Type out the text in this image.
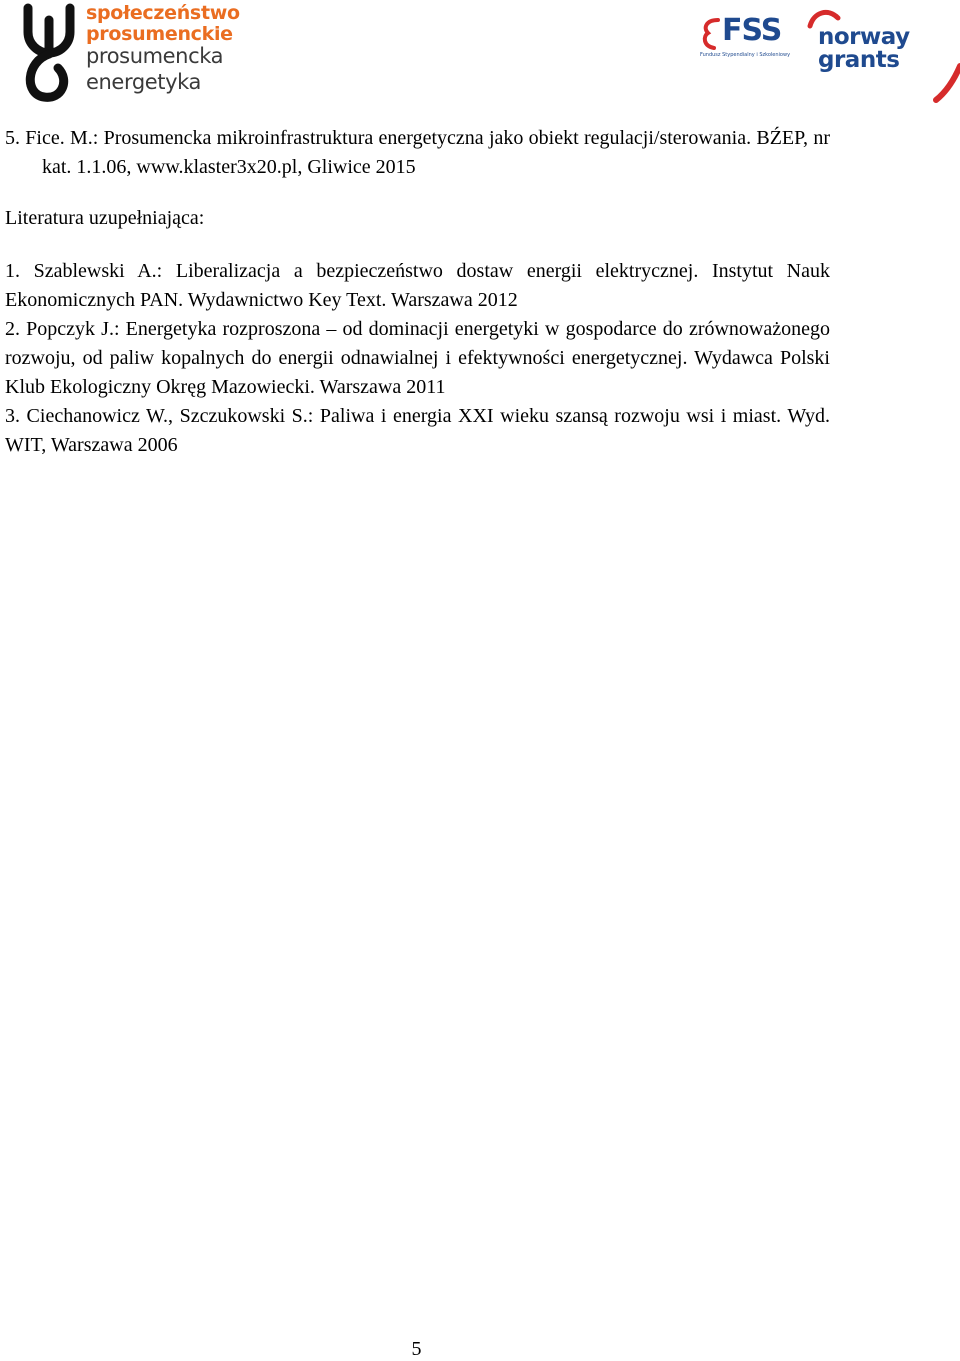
społeczeństwo
prosumenckie
prosumencka
energetyka
FSS
Fundusz Stypendialny i Szkoleniowy
norway
grants

5. Fice. M.: Prosumencka mikroinfrastruktura energetyczna jako obiekt regulacji/sterowania. BŹEP, nr kat. 1.1.06, www.klaster3x20.pl, Gliwice 2015

Literatura uzupełniająca:

1. Szablewski A.: Liberalizacja a bezpieczeństwo dostaw energii elektrycznej. Instytut Nauk Ekonomicznych PAN. Wydawnictwo Key Text. Warszawa 2012

2. Popczyk J.: Energetyka rozproszona – od dominacji energetyki w gospodarce do zrównoważonego rozwoju, od paliw kopalnych do energii odnawialnej i efektywności energetycznej. Wydawca Polski Klub Ekologiczny Okręg Mazowiecki. Warszawa 2011

3. Ciechanowicz W., Szczukowski S.: Paliwa i energia XXI wieku szansą rozwoju wsi i miast. Wyd. WIT, Warszawa 2006

5
